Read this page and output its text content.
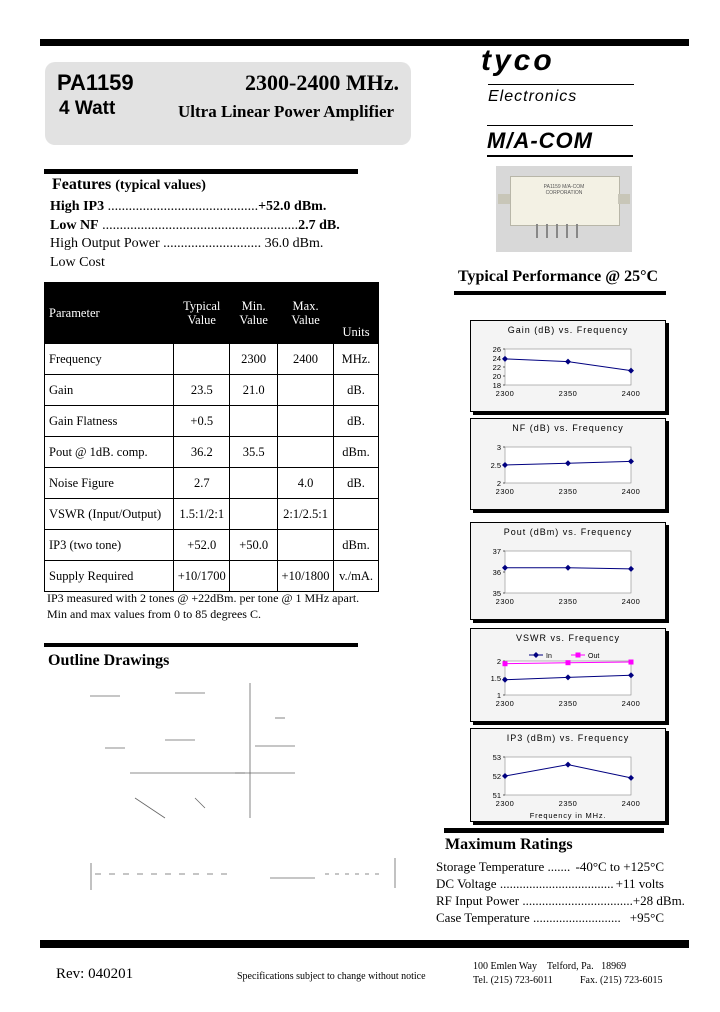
PA1159	2300-2400 MHz.
4 Watt	Ultra Linear Power Amplifier
tyco
Electronics
M/A-COM
PA1159 M/A-COM CORPORATION
Features (typical values)
High IP3 ...........................................+52.0 dBm.
Low NF ........................................................2.7 dB.
High Output Power ............................ 36.0 dBm.
Low Cost
Parameter	Typical Value	Min. Value	Max. Value	Units
Frequency		2300	2400	MHz.
Gain	23.5	21.0		dB.
Gain Flatness	+0.5			dB.
Pout @ 1dB. comp.	36.2	35.5		dBm.
Noise Figure	2.7		4.0	dB.
VSWR (Input/Output)	1.5:1/2:1		2:1/2.5:1	
IP3 (two tone)	+52.0	+50.0		dBm.
Supply Required	+10/1700		+10/1800	v./mA.
IP3 measured with 2 tones @ +22dBm. per tone @ 1 MHz apart.
Min and max values from 0 to 85 degrees C.
Outline Drawings
Typical Performance @ 25°C
Gain (dB) vs. Frequency
26
24
22
20
18
2300	2350	2400
NF (dB) vs. Frequency
3
2.5
2
2300	2350	2400
Pout (dBm) vs. Frequency
37
36
35
2300	2350	2400
VSWR vs. Frequency
2
1.5
1
2300	2350	2400
In	Out
IP3 (dBm) vs. Frequency
53
52
51
2300	2350	2400
Frequency in MHz.
Maximum Ratings
Storage Temperature ....... -40°C to +125°C
DC Voltage ................................... +11 volts
RF Input Power .................................. +28 dBm.
Case Temperature ........................... +95°C
Rev: 040201	Specifications subject to change without notice
100 Emlen Way    Telford, Pa.   18969
Tel. (215) 723-6011	Fax. (215) 723-6015
